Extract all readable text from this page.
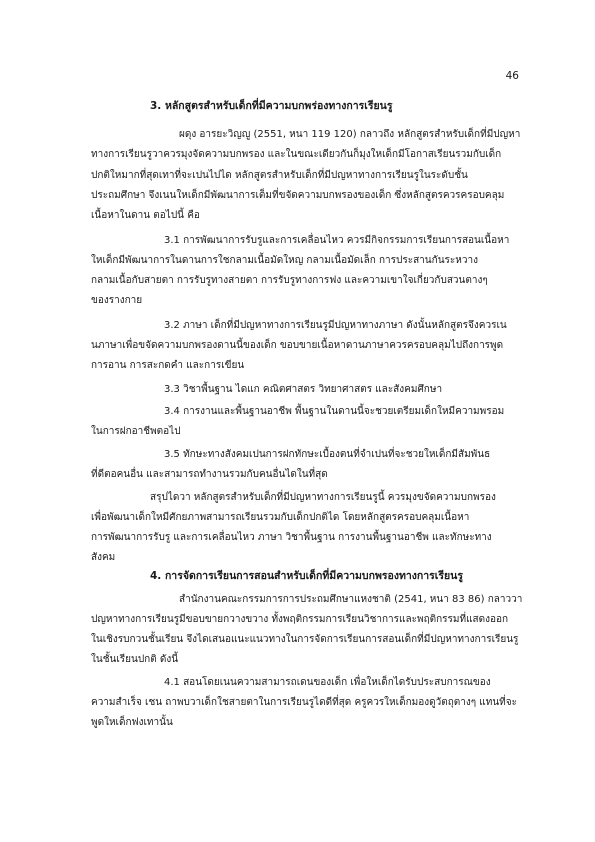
46
3. หลักสูตรสำหรับเด็กที่มีความบกพร่องทางการเรียนรู
ผดุง อารยะวิญญู (2551, หนา 119 120) กลาวถึง หลักสูตรสำหรับเด็กที่มีปญหา
ทางการเรียนรูวาควรมุงจัดความบกพรอง และในขณะเดียวกันก็มุงใหเด็กมีโอกาสเรียนรวมกับเด็ก
ปกติใหมากที่สุดเทาที่จะเปนไปได หลักสูตรสำหรับเด็กที่มีปญหาทางการเรียนรูในระดับชั้น
ประถมศึกษา จึงเนนใหเด็กมีพัฒนาการเต็มที่ขจัดความบกพรองของเด็ก ซึ่งหลักสูตรควรครอบคลุม
เนื้อหาในดาน ตอไปนี้ คือ
3.1 การพัฒนาการรับรูและการเคลื่อนไหว ควรมีกิจกรรมการเรียนการสอนเนื้อหา
ใหเด็กมีพัฒนาการในดานการใชกลามเนื้อมัดใหญ กลามเนื้อมัดเล็ก การประสานกันระหวาง
กลามเนื้อกับสายตา การรับรูทางสายตา การรับรูทางการฟง และความเขาใจเกี่ยวกับสวนตางๆ
ของรางกาย
3.2 ภาษา เด็กที่มีปญหาทางการเรียนรูมีปญหาทางภาษา ดังนั้นหลักสูตรจึงควรเน
นภาษาเพื่อขจัดความบกพรองดานนี้ของเด็ก ขอบขายเนื้อหาดานภาษาควรครอบคลุมไปถึงการพูด
การอาน การสะกดคำ และการเขียน
3.3 วิชาพื้นฐาน ไดแก คณิตศาสตร วิทยาศาสตร และสังคมศึกษา
3.4 การงานและพื้นฐานอาชีพ พื้นฐานในดานนี้จะชวยเตรียมเด็กใหมีความพรอม
ในการฝกอาชีพตอไป
3.5 ทักษะทางสังคมเปนการฝกทักษะเบื้องตนที่จำเปนที่จะชวยใหเด็กมีสัมพันธ
ที่ดีตอคนอื่น และสามารถทำงานรวมกับคนอื่นไดในที่สุด
สรุปไดวา หลักสูตรสำหรับเด็กที่มีปญหาทางการเรียนรูนี้ ควรมุงขจัดความบกพรอง
เพื่อพัฒนาเด็กใหมีศักยภาพสามารถเรียนรวมกับเด็กปกติได โดยหลักสูตรครอบคลุมเนื้อหา
การพัฒนาการรับรู และการเคลื่อนไหว ภาษา วิชาพื้นฐาน การงานพื้นฐานอาชีพ และทักษะทาง
สังคม
4. การจัดการเรียนการสอนสำหรับเด็กที่มีความบกพรองทางการเรียนรู
สำนักงานคณะกรรมการการประถมศึกษาแหงชาติ (2541, หนา 83 86) กลาววา
ปญหาทางการเรียนรูมีขอบขายกวางขวาง ทั้งพฤติกรรมการเรียนวิชาการและพฤติกรรมที่แสดงออก
ในเชิงรบกวนชั้นเรียน จึงไดเสนอแนะแนวทางในการจัดการเรียนการสอนเด็กที่มีปญหาทางการเรียนรู
ในชั้นเรียนปกติ ดังนี้
4.1 สอนโดยเนนความสามารถเดนของเด็ก เพื่อใหเด็กไดรับประสบการณของ
ความสำเร็จ เชน ถาพบวาเด็กใชสายตาในการเรียนรูไดดีที่สุด ครูควรใหเด็กมองดูวัตถุตางๆ แทนที่จะ
พูดใหเด็กฟงเทานั้น
